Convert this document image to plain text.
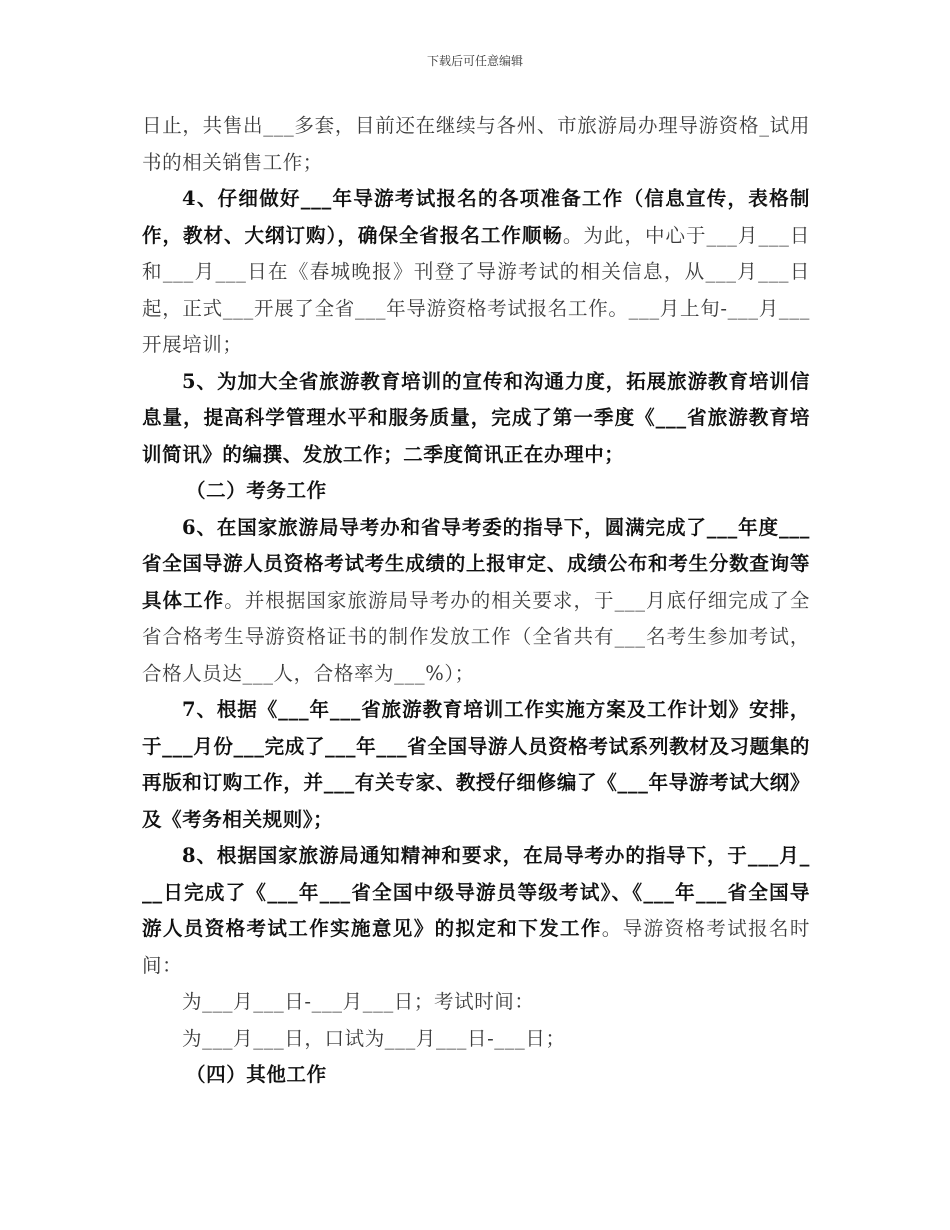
下载后可任意编辑

日止，共售出___多套，目前还在继续与各州、市旅游局办理导游资格_试用书的相关销售工作；

4、仔细做好___年导游考试报名的各项准备工作（信息宣传，表格制作，教材、大纲订购），确保全省报名工作顺畅。为此，中心于___月___日和___月___日在《春城晚报》刊登了导游考试的相关信息，从___月___日起，正式___开展了全省___年导游资格考试报名工作。___月上旬-___月___开展培训；

5、为加大全省旅游教育培训的宣传和沟通力度，拓展旅游教育培训信息量，提高科学管理水平和服务质量，完成了第一季度《___省旅游教育培训简讯》的编撰、发放工作；二季度简讯正在办理中；

（二）考务工作

6、在国家旅游局导考办和省导考委的指导下，圆满完成了___年度___省全国导游人员资格考试考生成绩的上报审定、成绩公布和考生分数查询等具体工作。并根据国家旅游局导考办的相关要求，于___月底仔细完成了全省合格考生导游资格证书的制作发放工作（全省共有___名考生参加考试，合格人员达___人，合格率为___%）；

7、根据《___年___省旅游教育培训工作实施方案及工作计划》安排，于___月份___完成了___年___省全国导游人员资格考试系列教材及习题集的再版和订购工作，并___有关专家、教授仔细修编了《___年导游考试大纲》及《考务相关规则》；

8、根据国家旅游局通知精神和要求，在局导考办的指导下，于___月___日完成了《___年___省全国中级导游员等级考试》、《___年___省全国导游人员资格考试工作实施意见》的拟定和下发工作。导游资格考试报名时间：

为___月___日-___月___日；考试时间：

为___月___日，口试为___月___日-___日；

（四）其他工作
